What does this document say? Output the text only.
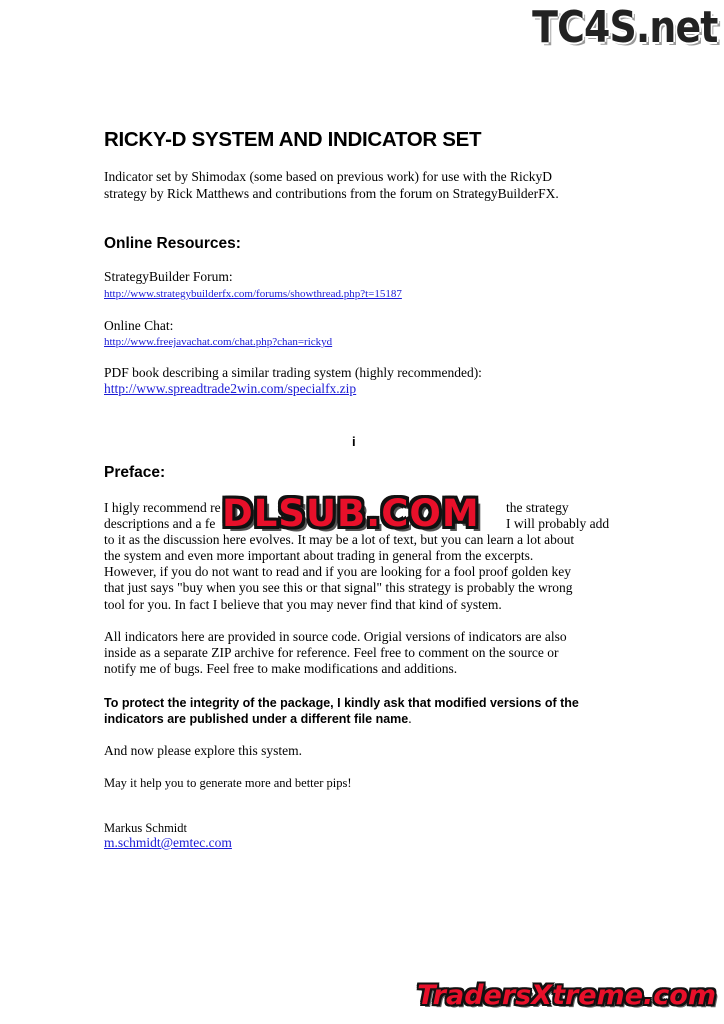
TC4S.net
RICKY-D SYSTEM AND INDICATOR SET
Indicator set by Shimodax (some based on previous work) for use with the RickyD
strategy by Rick Matthews and contributions from the forum on StrategyBuilderFX.
Online Resources:
StrategyBuilder Forum:
http://www.strategybuilderfx.com/forums/showthread.php?t=15187
Online Chat:
http://www.freejavachat.com/chat.php?chan=rickyd
PDF book describing a similar trading system (highly recommended):
http://www.spreadtrade2win.com/specialfx.zip
i
Preface:
I higly recommend re	the strategy
descriptions and a fe	I will probably add
to it as the discussion here evolves. It may be a lot of text, but you can learn a lot about
the system and even more important about trading in general from the excerpts.
However, if you do not want to read and if you are looking for a fool proof golden key
that just says "buy when you see this or that signal" this strategy is probably the wrong
tool for you. In fact I believe that you may never find that kind of system.
All indicators here are provided in source code. Origial versions of indicators are also
inside as a separate ZIP archive for reference. Feel free to comment on the source or
notify me of bugs. Feel free to make modifications and additions.
To protect the integrity of the package, I kindly ask that modified versions of the
indicators are published under a different file name.
And now please explore this system.
May it help you to generate more and better pips!
Markus Schmidt
m.schmidt@emtec.com
DLSUB.COM
TradersXtreme.com
